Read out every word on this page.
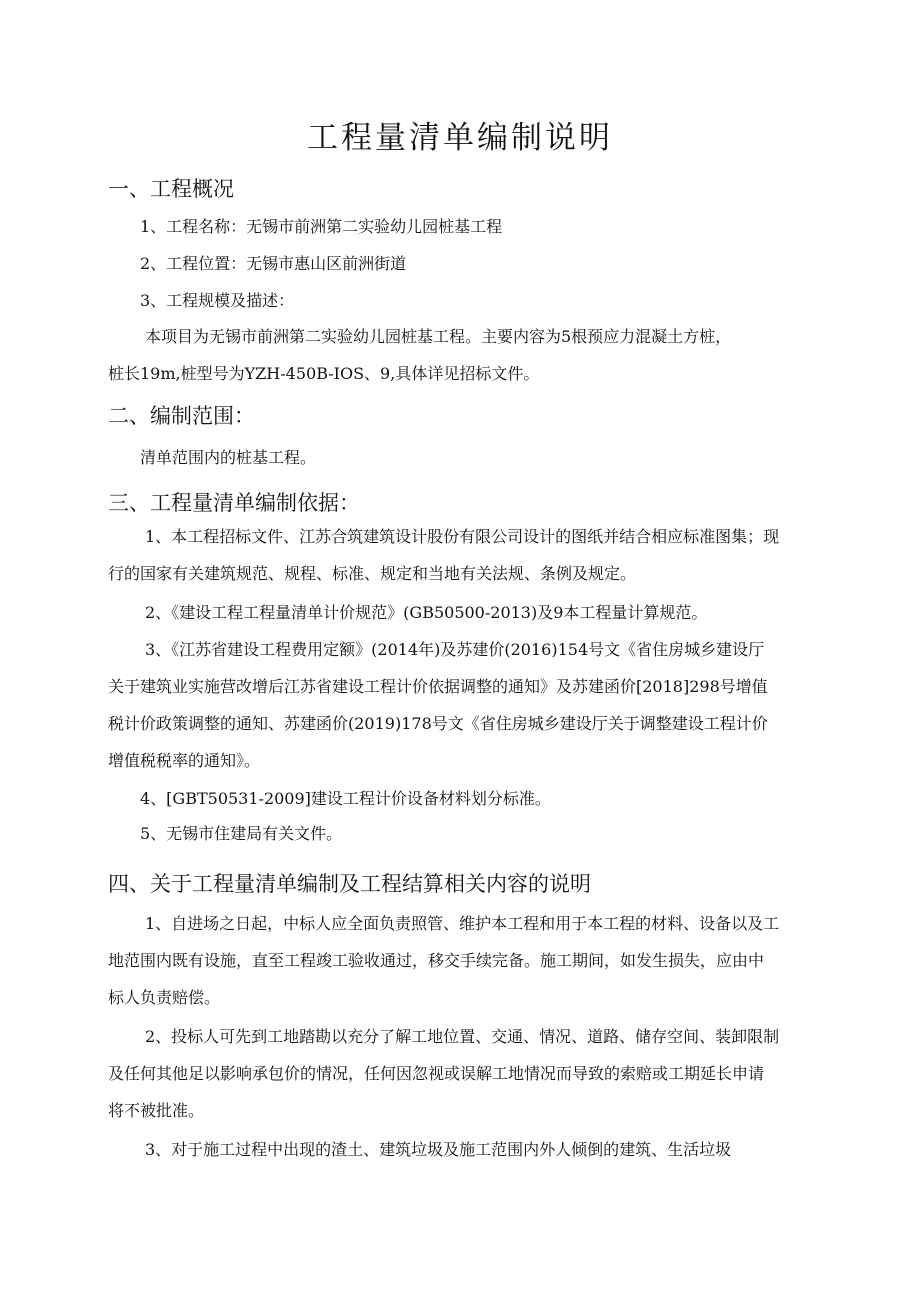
工程量清单编制说明
一、工程概况
1、工程名称：无锡市前洲第二实验幼儿园桩基工程
2、工程位置：无锡市惠山区前洲街道
3、工程规模及描述：
本项目为无锡市前洲第二实验幼儿园桩基工程。主要内容为5根预应力混凝土方桩，
桩长19m,桩型号为YZH-450B-IOS、9,具体详见招标文件。
二、编制范围：
清单范围内的桩基工程。
三、工程量清单编制依据：
1、本工程招标文件、江苏合筑建筑设计股份有限公司设计的图纸并结合相应标准图集；现
行的国家有关建筑规范、规程、标准、规定和当地有关法规、条例及规定。
2、《建设工程工程量清单计价规范》(GB50500-2013)及9本工程量计算规范。
3、《江苏省建设工程费用定额》(2014年)及苏建价(2016)154号文《省住房城乡建设厅
关于建筑业实施营改增后江苏省建设工程计价依据调整的通知》及苏建函价[2018]298号增值
税计价政策调整的通知、苏建函价(2019)178号文《省住房城乡建设厅关于调整建设工程计价
增值税税率的通知》。
4、[GBT50531-2009]建设工程计价设备材料划分标准。
5、无锡市住建局有关文件。
四、关于工程量清单编制及工程结算相关内容的说明
1、自进场之日起，中标人应全面负责照管、维护本工程和用于本工程的材料、设备以及工
地范围内既有设施，直至工程竣工验收通过，移交手续完备。施工期间，如发生损失，应由中
标人负责赔偿。
2、投标人可先到工地踏勘以充分了解工地位置、交通、情况、道路、储存空间、装卸限制
及任何其他足以影响承包价的情况，任何因忽视或误解工地情况而导致的索赔或工期延长申请
将不被批准。
3、对于施工过程中出现的渣土、建筑垃圾及施工范围内外人倾倒的建筑、生活垃圾
